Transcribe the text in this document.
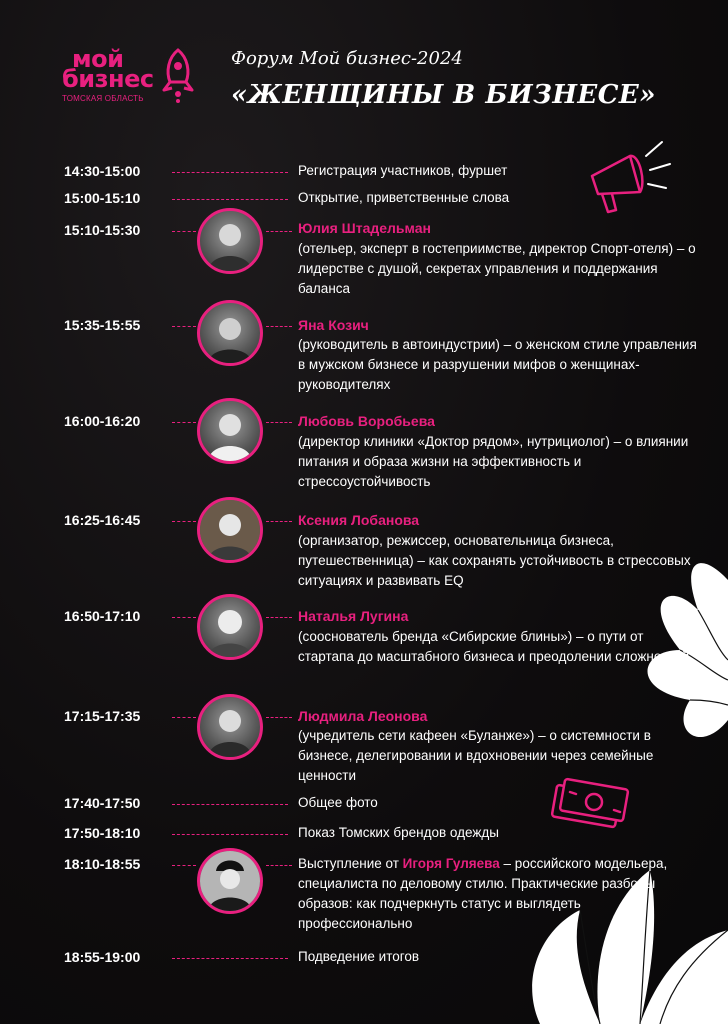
мой
бизнес
ТОМСКАЯ ОБЛАСТЬ
Форум Мой бизнес-2024
«ЖЕНЩИНЫ В БИЗНЕСЕ»
14:30-15:00	Регистрация участников, фуршет
15:00-15:10	Открытие, приветственные слова
15:10-15:30	Юлия Штадельман
(отельер, эксперт в гостеприимстве, директор Спорт-отеля) – о лидерстве с душой, секретах управления и поддержания баланса
15:35-15:55	Яна Козич
(руководитель в автоиндустрии) – о женском стиле управления в мужском бизнесе и разрушении мифов о женщинах-руководителях
16:00-16:20	Любовь Воробьева
(директор клиники «Доктор рядом», нутрициолог) – о влиянии питания и образа жизни на эффективность и стрессоустойчивость
16:25-16:45	Ксения Лобанова
(организатор, режиссер, основательница бизнеса, путешественница) – как сохранять устойчивость в стрессовых ситуациях и развивать EQ
16:50-17:10	Наталья Лугина
(сооснователь бренда «Сибирские блины») – о пути от стартапа до масштабного бизнеса и преодолении сложностей
17:15-17:35	Людмила Леонова
(учредитель сети кафеен «Буланже») – о системности в бизнесе, делегировании и вдохновении через семейные ценности
17:40-17:50	Общее фото
17:50-18:10	Показ Томских брендов одежды
18:10-18:55	Выступление от Игоря Гуляева – российского модельера, специалиста по деловому стилю. Практические разборы образов: как подчеркнуть статус и выглядеть профессионально
18:55-19:00	Подведение итогов
